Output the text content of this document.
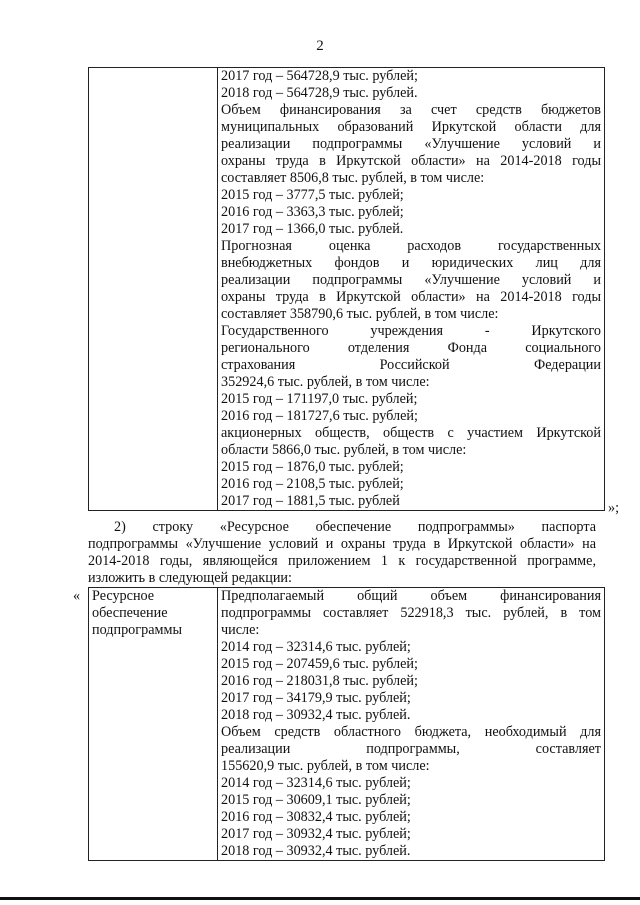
2

2017 год – 564728,9 тыс. рублей;
2018 год – 564728,9 тыс. рублей.
Объем финансирования за счет средств бюджетов
муниципальных образований Иркутской области для
реализации подпрограммы «Улучшение условий и
охраны труда в Иркутской области» на 2014-2018 годы
составляет 8506,8 тыс. рублей, в том числе:
2015 год – 3777,5 тыс. рублей;
2016 год – 3363,3 тыс. рублей;
2017 год – 1366,0 тыс. рублей.
Прогнозная оценка расходов государственных
внебюджетных фондов и юридических лиц для
реализации подпрограммы «Улучшение условий и
охраны труда в Иркутской области» на 2014-2018 годы
составляет 358790,6 тыс. рублей, в том числе:
Государственного учреждения - Иркутского
регионального отделения Фонда социального
страхования Российской Федерации
352924,6 тыс. рублей, в том числе:
2015 год – 171197,0 тыс. рублей;
2016 год – 181727,6 тыс. рублей;
акционерных обществ, обществ с участием Иркутской
области 5866,0 тыс. рублей, в том числе:
2015 год – 1876,0 тыс. рублей;
2016 год – 2108,5 тыс. рублей;
2017 год – 1881,5 тыс. рублей	»;
2) строку «Ресурсное обеспечение подпрограммы» паспорта
подпрограммы «Улучшение условий и охраны труда в Иркутской области» на
2014-2018 годы, являющейся приложением 1 к государственной программе,
изложить в следующей редакции:
« Ресурсное обеспечение подпрограммы

Предполагаемый общий объем финансирования
подпрограммы составляет 522918,3 тыс. рублей, в том
числе:
2014 год – 32314,6 тыс. рублей;
2015 год – 207459,6 тыс. рублей;
2016 год – 218031,8 тыс. рублей;
2017 год – 34179,9 тыс. рублей;
2018 год – 30932,4 тыс. рублей.
Объем средств областного бюджета, необходимый для
реализации подпрограммы, составляет
155620,9 тыс. рублей, в том числе:
2014 год – 32314,6 тыс. рублей;
2015 год – 30609,1 тыс. рублей;
2016 год – 30832,4 тыс. рублей;
2017 год – 30932,4 тыс. рублей;
2018 год – 30932,4 тыс. рублей.
